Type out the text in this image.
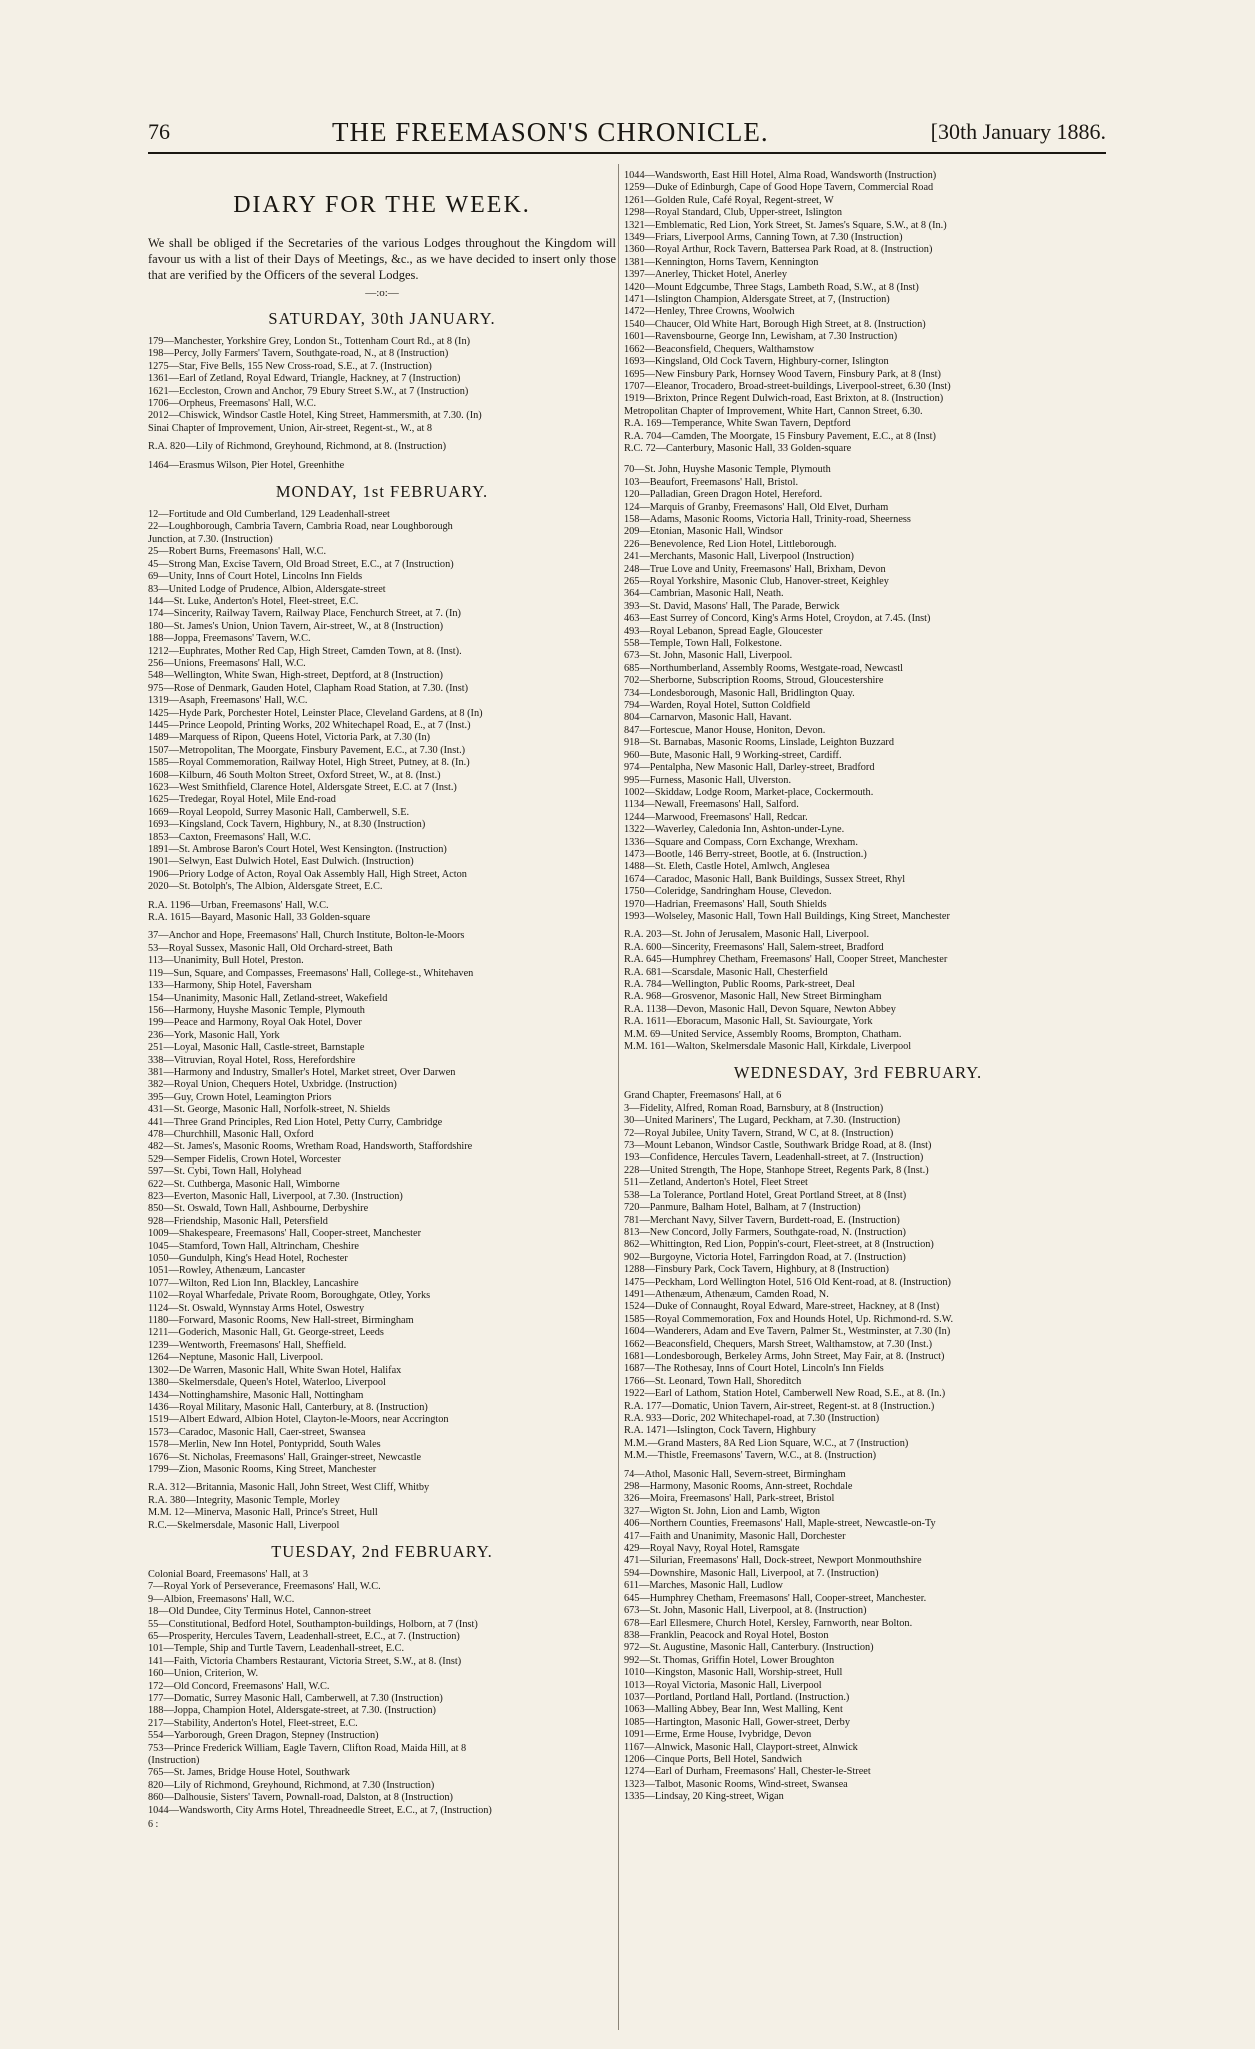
76	THE FREEMASON'S CHRONICLE.	[30th January 1886.
DIARY FOR THE WEEK.

We shall be obliged if the Secretaries of the various Lodges throughout the Kingdom will favour us with a list of their Days of Meetings, &c., as we have decided to insert only those that are verified by the Officers of the several Lodges.

—:o:—
SATURDAY, 30th JANUARY.
179—Manchester, Yorkshire Grey, London St., Tottenham Court Rd., at 8 (In)
198—Percy, Jolly Farmers' Tavern, Southgate-road, N., at 8 (Instruction)
1275—Star, Five Bells, 155 New Cross-road, S.E., at 7. (Instruction)
1361—Earl of Zetland, Royal Edward, Triangle, Hackney, at 7 (Instruction)
1621—Eccleston, Crown and Anchor, 79 Ebury Street S.W., at 7 (Instruction)
1706—Orpheus, Freemasons' Hall, W.C.
2012—Chiswick, Windsor Castle Hotel, King Street, Hammersmith, at 7.30. (In)
Sinai Chapter of Improvement, Union, Air-street, Regent-st., W., at 8
R.A. 820—Lily of Richmond, Greyhound, Richmond, at 8. (Instruction)
1464—Erasmus Wilson, Pier Hotel, Greenhithe
MONDAY, 1st FEBRUARY.
12—Fortitude and Old Cumberland, 129 Leadenhall-street
22—Loughborough, Cambria Tavern, Cambria Road, near Loughborough
Junction, at 7.30. (Instruction)
25—Robert Burns, Freemasons' Hall, W.C.
45—Strong Man, Excise Tavern, Old Broad Street, E.C., at 7 (Instruction)
69—Unity, Inns of Court Hotel, Lincolns Inn Fields
83—United Lodge of Prudence, Albion, Aldersgate-street
144—St. Luke, Anderton's Hotel, Fleet-street, E.C.
174—Sincerity, Railway Tavern, Railway Place, Fenchurch Street, at 7. (In)
180—St. James's Union, Union Tavern, Air-street, W., at 8 (Instruction)
188—Joppa, Freemasons' Tavern, W.C.
1212—Euphrates, Mother Red Cap, High Street, Camden Town, at 8. (Inst).
256—Unions, Freemasons' Hall, W.C.
548—Wellington, White Swan, High-street, Deptford, at 8 (Instruction)
975—Rose of Denmark, Gauden Hotel, Clapham Road Station, at 7.30. (Inst)
1319—Asaph, Freemasons' Hall, W.C.
1425—Hyde Park, Porchester Hotel, Leinster Place, Cleveland Gardens, at 8 (In)
1445—Prince Leopold, Printing Works, 202 Whitechapel Road, E., at 7 (Inst.)
1489—Marquess of Ripon, Queens Hotel, Victoria Park, at 7.30 (In)
1507—Metropolitan, The Moorgate, Finsbury Pavement, E.C., at 7.30 (Inst.)
1585—Royal Commemoration, Railway Hotel, High Street, Putney, at 8. (In.)
1608—Kilburn, 46 South Molton Street, Oxford Street, W., at 8. (Inst.)
1623—West Smithfield, Clarence Hotel, Aldersgate Street, E.C. at 7 (Inst.)
1625—Tredegar, Royal Hotel, Mile End-road
1669—Royal Leopold, Surrey Masonic Hall, Camberwell, S.E.
1693—Kingsland, Cock Tavern, Highbury, N., at 8.30 (Instruction)
1853—Caxton, Freemasons' Hall, W.C.
1891—St. Ambrose Baron's Court Hotel, West Kensington. (Instruction)
1901—Selwyn, East Dulwich Hotel, East Dulwich. (Instruction)
1906—Priory Lodge of Acton, Royal Oak Assembly Hall, High Street, Acton
2020—St. Botolph's, The Albion, Aldersgate Street, E.C.
R.A. 1196—Urban, Freemasons' Hall, W.C.
R.A. 1615—Bayard, Masonic Hall, 33 Golden-square
37—Anchor and Hope, Freemasons' Hall, Church Institute, Bolton-le-Moors
53—Royal Sussex, Masonic Hall, Old Orchard-street, Bath
113—Unanimity, Bull Hotel, Preston.
119—Sun, Square, and Compasses, Freemasons' Hall, College-st., Whitehaven
133—Harmony, Ship Hotel, Faversham
154—Unanimity, Masonic Hall, Zetland-street, Wakefield
156—Harmony, Huyshe Masonic Temple, Plymouth
199—Peace and Harmony, Royal Oak Hotel, Dover
236—York, Masonic Hall, York
251—Loyal, Masonic Hall, Castle-street, Barnstaple
338—Vitruvian, Royal Hotel, Ross, Herefordshire
381—Harmony and Industry, Smaller's Hotel, Market street, Over Darwen
382—Royal Union, Chequers Hotel, Uxbridge. (Instruction)
395—Guy, Crown Hotel, Leamington Priors
431—St. George, Masonic Hall, Norfolk-street, N. Shields
441—Three Grand Principles, Red Lion Hotel, Petty Curry, Cambridge
478—Churchhill, Masonic Hall, Oxford
482—St. James's, Masonic Rooms, Wretham Road, Handsworth, Staffordshire
529—Semper Fidelis, Crown Hotel, Worcester
597—St. Cybi, Town Hall, Holyhead
622—St. Cuthberga, Masonic Hall, Wimborne
823—Everton, Masonic Hall, Liverpool, at 7.30. (Instruction)
850—St. Oswald, Town Hall, Ashbourne, Derbyshire
928—Friendship, Masonic Hall, Petersfield
1009—Shakespeare, Freemasons' Hall, Cooper-street, Manchester
1045—Stamford, Town Hall, Altrincham, Cheshire
1050—Gundulph, King's Head Hotel, Rochester
1051—Rowley, Athenæum, Lancaster
1077—Wilton, Red Lion Inn, Blackley, Lancashire
1102—Royal Wharfedale, Private Room, Boroughgate, Otley, Yorks
1124—St. Oswald, Wynnstay Arms Hotel, Oswestry
1180—Forward, Masonic Rooms, New Hall-street, Birmingham
1211—Goderich, Masonic Hall, Gt. George-street, Leeds
1239—Wentworth, Freemasons' Hall, Sheffield.
1264—Neptune, Masonic Hall, Liverpool.
1302—De Warren, Masonic Hall, White Swan Hotel, Halifax
1380—Skelmersdale, Queen's Hotel, Waterloo, Liverpool
1434—Nottinghamshire, Masonic Hall, Nottingham
1436—Royal Military, Masonic Hall, Canterbury, at 8. (Instruction)
1519—Albert Edward, Albion Hotel, Clayton-le-Moors, near Accrington
1573—Caradoc, Masonic Hall, Caer-street, Swansea
1578—Merlin, New Inn Hotel, Pontypridd, South Wales
1676—St. Nicholas, Freemasons' Hall, Grainger-street, Newcastle
1799—Zion, Masonic Rooms, King Street, Manchester
R.A. 312—Britannia, Masonic Hall, John Street, West Cliff, Whitby
R.A. 380—Integrity, Masonic Temple, Morley
M.M. 12—Minerva, Masonic Hall, Prince's Street, Hull
R.C.—Skelmersdale, Masonic Hall, Liverpool
TUESDAY, 2nd FEBRUARY.
Colonial Board, Freemasons' Hall, at 3
7—Royal York of Perseverance, Freemasons' Hall, W.C.
9—Albion, Freemasons' Hall, W.C.
18—Old Dundee, City Terminus Hotel, Cannon-street
55—Constitutional, Bedford Hotel, Southampton-buildings, Holborn, at 7 (Inst)
65—Prosperity, Hercules Tavern, Leadenhall-street, E.C., at 7. (Instruction)
101—Temple, Ship and Turtle Tavern, Leadenhall-street, E.C.
141—Faith, Victoria Chambers Restaurant, Victoria Street, S.W., at 8. (Inst)
160—Union, Criterion, W.
172—Old Concord, Freemasons' Hall, W.C.
177—Domatic, Surrey Masonic Hall, Camberwell, at 7.30 (Instruction)
188—Joppa, Champion Hotel, Aldersgate-street, at 7.30. (Instruction)
217—Stability, Anderton's Hotel, Fleet-street, E.C.
554—Yarborough, Green Dragon, Stepney (Instruction)
753—Prince Frederick William, Eagle Tavern, Clifton Road, Maida Hill, at 8
(Instruction)
765—St. James, Bridge House Hotel, Southwark
820—Lily of Richmond, Greyhound, Richmond, at 7.30 (Instruction)
860—Dalhousie, Sisters' Tavern, Pownall-road, Dalston, at 8 (Instruction)
1044—Wandsworth, City Arms Hotel, Threadneedle Street, E.C., at 7, (Instruction)
6 :
1044—Wandsworth, East Hill Hotel, Alma Road, Wandsworth (Instruction)
1259—Duke of Edinburgh, Cape of Good Hope Tavern, Commercial Road
1261—Golden Rule, Café Royal, Regent-street, W
1298—Royal Standard, Club, Upper-street, Islington
1321—Emblematic, Red Lion, York Street, St. James's Square, S.W., at 8 (In.)
1349—Friars, Liverpool Arms, Canning Town, at 7.30 (Instruction)
1360—Royal Arthur, Rock Tavern, Battersea Park Road, at 8. (Instruction)
1381—Kennington, Horns Tavern, Kennington
1397—Anerley, Thicket Hotel, Anerley
1420—Mount Edgcumbe, Three Stags, Lambeth Road, S.W., at 8 (Inst)
1471—Islington Champion, Aldersgate Street, at 7, (Instruction)
1472—Henley, Three Crowns, Woolwich
1540—Chaucer, Old White Hart, Borough High Street, at 8. (Instruction)
1601—Ravensbourne, George Inn, Lewisham, at 7.30 Instruction)
1662—Beaconsfield, Chequers, Walthamstow
1693—Kingsland, Old Cock Tavern, Highbury-corner, Islington
1695—New Finsbury Park, Hornsey Wood Tavern, Finsbury Park, at 8 (Inst)
1707—Eleanor, Trocadero, Broad-street-buildings, Liverpool-street, 6.30 (Inst)
1919—Brixton, Prince Regent Dulwich-road, East Brixton, at 8. (Instruction)
Metropolitan Chapter of Improvement, White Hart, Cannon Street, 6.30.
R.A. 169—Temperance, White Swan Tavern, Deptford
R.A. 704—Camden, The Moorgate, 15 Finsbury Pavement, E.C., at 8 (Inst)
R.C. 72—Canterbury, Masonic Hall, 33 Golden-square
70—St. John, Huyshe Masonic Temple, Plymouth
103—Beaufort, Freemasons' Hall, Bristol.
120—Palladian, Green Dragon Hotel, Hereford.
124—Marquis of Granby, Freemasons' Hall, Old Elvet, Durham
158—Adams, Masonic Rooms, Victoria Hall, Trinity-road, Sheerness
209—Etonian, Masonic Hall, Windsor
226—Benevolence, Red Lion Hotel, Littleborough.
241—Merchants, Masonic Hall, Liverpool (Instruction)
248—True Love and Unity, Freemasons' Hall, Brixham, Devon
265—Royal Yorkshire, Masonic Club, Hanover-street, Keighley
364—Cambrian, Masonic Hall, Neath.
393—St. David, Masons' Hall, The Parade, Berwick
463—East Surrey of Concord, King's Arms Hotel, Croydon, at 7.45. (Inst)
493—Royal Lebanon, Spread Eagle, Gloucester
558—Temple, Town Hall, Folkestone.
673—St. John, Masonic Hall, Liverpool.
685—Northumberland, Assembly Rooms, Westgate-road, Newcastl
702—Sherborne, Subscription Rooms, Stroud, Gloucestershire
734—Londesborough, Masonic Hall, Bridlington Quay.
794—Warden, Royal Hotel, Sutton Coldfield
804—Carnarvon, Masonic Hall, Havant.
847—Fortescue, Manor House, Honiton, Devon.
918—St. Barnabas, Masonic Rooms, Linslade, Leighton Buzzard
960—Bute, Masonic Hall, 9 Working-street, Cardiff.
974—Pentalpha, New Masonic Hall, Darley-street, Bradford
995—Furness, Masonic Hall, Ulverston.
1002—Skiddaw, Lodge Room, Market-place, Cockermouth.
1134—Newall, Freemasons' Hall, Salford.
1244—Marwood, Freemasons' Hall, Redcar.
1322—Waverley, Caledonia Inn, Ashton-under-Lyne.
1336—Square and Compass, Corn Exchange, Wrexham.
1473—Bootle, 146 Berry-street, Bootle, at 6. (Instruction.)
1488—St. Eleth, Castle Hotel, Amlwch, Anglesea
1674—Caradoc, Masonic Hall, Bank Buildings, Sussex Street, Rhyl
1750—Coleridge, Sandringham House, Clevedon.
1970—Hadrian, Freemasons' Hall, South Shields
1993—Wolseley, Masonic Hall, Town Hall Buildings, King Street, Manchester
R.A. 203—St. John of Jerusalem, Masonic Hall, Liverpool.
R.A. 600—Sincerity, Freemasons' Hall, Salem-street, Bradford
R.A. 645—Humphrey Chetham, Freemasons' Hall, Cooper Street, Manchester
R.A. 681—Scarsdale, Masonic Hall, Chesterfield
R.A. 784—Wellington, Public Rooms, Park-street, Deal
R.A. 968—Grosvenor, Masonic Hall, New Street Birmingham
R.A. 1138—Devon, Masonic Hall, Devon Square, Newton Abbey
R.A. 1611—Eboracum, Masonic Hall, St. Saviourgate, York
M.M. 69—United Service, Assembly Rooms, Brompton, Chatham.
M.M. 161—Walton, Skelmersdale Masonic Hall, Kirkdale, Liverpool
WEDNESDAY, 3rd FEBRUARY.
Grand Chapter, Freemasons' Hall, at 6
3—Fidelity, Alfred, Roman Road, Barnsbury, at 8 (Instruction)
30—United Mariners', The Lugard, Peckham, at 7.30. (Instruction)
72—Royal Jubilee, Unity Tavern, Strand, W C, at 8. (Instruction)
73—Mount Lebanon, Windsor Castle, Southwark Bridge Road, at 8. (Inst)
193—Confidence, Hercules Tavern, Leadenhall-street, at 7. (Instruction)
228—United Strength, The Hope, Stanhope Street, Regents Park, 8 (Inst.)
511—Zetland, Anderton's Hotel, Fleet Street
538—La Tolerance, Portland Hotel, Great Portland Street, at 8 (Inst)
720—Panmure, Balham Hotel, Balham, at 7 (Instruction)
781—Merchant Navy, Silver Tavern, Burdett-road, E. (Instruction)
813—New Concord, Jolly Farmers, Southgate-road, N. (Instruction)
862—Whittington, Red Lion, Poppin's-court, Fleet-street, at 8 (Instruction)
902—Burgoyne, Victoria Hotel, Farringdon Road, at 7. (Instruction)
1288—Finsbury Park, Cock Tavern, Highbury, at 8 (Instruction)
1475—Peckham, Lord Wellington Hotel, 516 Old Kent-road, at 8. (Instruction)
1491—Athenæum, Athenæum, Camden Road, N.
1524—Duke of Connaught, Royal Edward, Mare-street, Hackney, at 8 (Inst)
1585—Royal Commemoration, Fox and Hounds Hotel, Up. Richmond-rd. S.W.
1604—Wanderers, Adam and Eve Tavern, Palmer St., Westminster, at 7.30 (In)
1662—Beaconsfield, Chequers, Marsh Street, Walthamstow, at 7.30 (Inst.)
1681—Londesborough, Berkeley Arms, John Street, May Fair, at 8. (Instruct)
1687—The Rothesay, Inns of Court Hotel, Lincoln's Inn Fields
1766—St. Leonard, Town Hall, Shoreditch
1922—Earl of Lathom, Station Hotel, Camberwell New Road, S.E., at 8. (In.)
R.A. 177—Domatic, Union Tavern, Air-street, Regent-st. at 8 (Instruction.)
R.A. 933—Doric, 202 Whitechapel-road, at 7.30 (Instruction)
R.A. 1471—Islington, Cock Tavern, Highbury
M.M.—Grand Masters, 8A Red Lion Square, W.C., at 7 (Instruction)
M.M.—Thistle, Freemasons' Tavern, W.C., at 8. (Instruction)
74—Athol, Masonic Hall, Severn-street, Birmingham
298—Harmony, Masonic Rooms, Ann-street, Rochdale
326—Moira, Freemasons' Hall, Park-street, Bristol
327—Wigton St. John, Lion and Lamb, Wigton
406—Northern Counties, Freemasons' Hall, Maple-street, Newcastle-on-Ty
417—Faith and Unanimity, Masonic Hall, Dorchester
429—Royal Navy, Royal Hotel, Ramsgate
471—Silurian, Freemasons' Hall, Dock-street, Newport Monmouthshire
594—Downshire, Masonic Hall, Liverpool, at 7. (Instruction)
611—Marches, Masonic Hall, Ludlow
645—Humphrey Chetham, Freemasons' Hall, Cooper-street, Manchester.
673—St. John, Masonic Hall, Liverpool, at 8. (Instruction)
678—Earl Ellesmere, Church Hotel, Kersley, Farnworth, near Bolton.
838—Franklin, Peacock and Royal Hotel, Boston
972—St. Augustine, Masonic Hall, Canterbury. (Instruction)
992—St. Thomas, Griffin Hotel, Lower Broughton
1010—Kingston, Masonic Hall, Worship-street, Hull
1013—Royal Victoria, Masonic Hall, Liverpool
1037—Portland, Portland Hall, Portland. (Instruction.)
1063—Malling Abbey, Bear Inn, West Malling, Kent
1085—Hartington, Masonic Hall, Gower-street, Derby
1091—Erme, Erme House, Ivybridge, Devon
1167—Alnwick, Masonic Hall, Clayport-street, Alnwick
1206—Cinque Ports, Bell Hotel, Sandwich
1274—Earl of Durham, Freemasons' Hall, Chester-le-Street
1323—Talbot, Masonic Rooms, Wind-street, Swansea
1335—Lindsay, 20 King-street, Wigan
